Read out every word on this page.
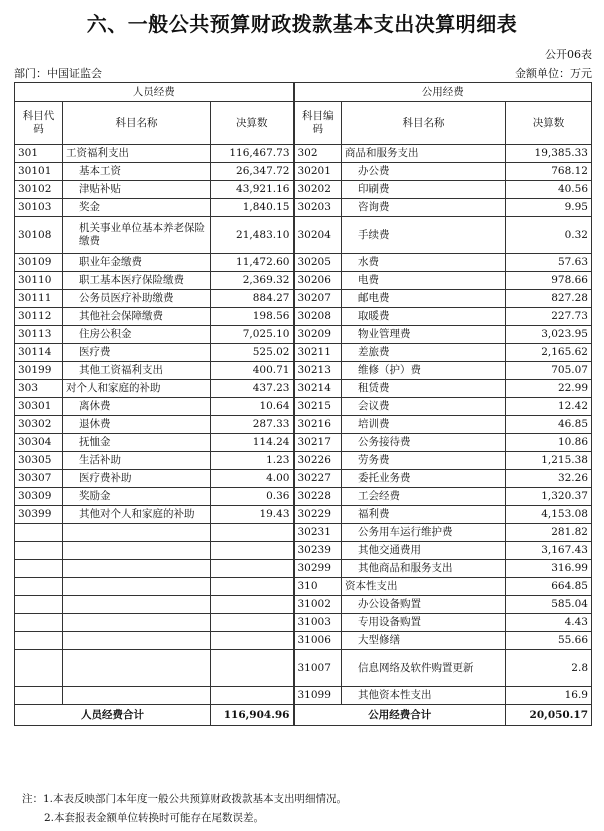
六、一般公共预算财政拨款基本支出决算明细表
公开06表
部门：中国证监会	金额单位：万元
人员经费			公用经费		
科目代码	科目名称	决算数	科目编码	科目名称	决算数
301	工资福利支出	116,467.73	302	商品和服务支出	19,385.33
30101	基本工资	26,347.72	30201	办公费	768.12
30102	津贴补贴	43,921.16	30202	印刷费	40.56
30103	奖金	1,840.15	30203	咨询费	9.95
30108	机关事业单位基本养老保险缴费	21,483.10	30204	手续费	0.32
30109	职业年金缴费	11,472.60	30205	水费	57.63
30110	职工基本医疗保险缴费	2,369.32	30206	电费	978.66
30111	公务员医疗补助缴费	884.27	30207	邮电费	827.28
30112	其他社会保障缴费	198.56	30208	取暖费	227.73
30113	住房公积金	7,025.10	30209	物业管理费	3,023.95
30114	医疗费	525.02	30211	差旅费	2,165.62
30199	其他工资福利支出	400.71	30213	维修（护）费	705.07
303	对个人和家庭的补助	437.23	30214	租赁费	22.99
30301	离休费	10.64	30215	会议费	12.42
30302	退休费	287.33	30216	培训费	46.85
30304	抚恤金	114.24	30217	公务接待费	10.86
30305	生活补助	1.23	30226	劳务费	1,215.38
30307	医疗费补助	4.00	30227	委托业务费	32.26
30309	奖励金	0.36	30228	工会经费	1,320.37
30399	其他对个人和家庭的补助	19.43	30229	福利费	4,153.08
			30231	公务用车运行维护费	281.82
			30239	其他交通费用	3,167.43
			30299	其他商品和服务支出	316.99
			310	资本性支出	664.85
			31002	办公设备购置	585.04
			31003	专用设备购置	4.43
			31006	大型修缮	55.66
			31007	信息网络及软件购置更新	2.8
			31099	其他资本性支出	16.9
人员经费合计		116,904.96	公用经费合计		20,050.17
注：1.本表反映部门本年度一般公共预算财政拨款基本支出明细情况。
2.本套报表金额单位转换时可能存在尾数误差。
